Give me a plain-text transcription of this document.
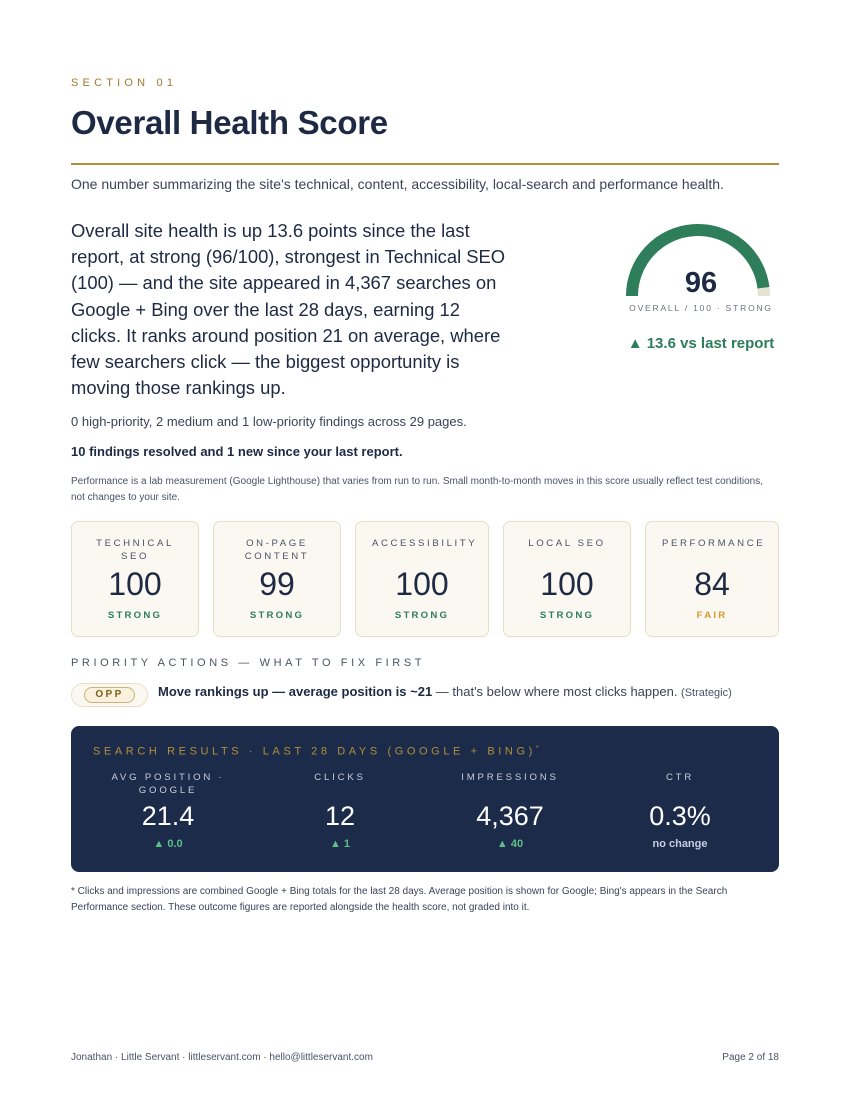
SECTION 01
Overall Health Score

One number summarizing the site's technical, content, accessibility, local-search and performance health.

Overall site health is up 13.6 points since the last report, at strong (96/100), strongest in Technical SEO (100) — and the site appeared in 4,367 searches on Google + Bing over the last 28 days, earning 12 clicks. It ranks around position 21 on average, where few searchers click — the biggest opportunity is moving those rankings up.

96
OVERALL / 100 · STRONG
▲ 13.6 vs last report

0 high-priority, 2 medium and 1 low-priority findings across 29 pages.

10 findings resolved and 1 new since your last report.

Performance is a lab measurement (Google Lighthouse) that varies from run to run. Small month-to-month moves in this score usually reflect test conditions, not changes to your site.

TECHNICAL SEO
100
STRONG
ON-PAGE CONTENT
99
STRONG
ACCESSIBILITY
100
STRONG
LOCAL SEO
100
STRONG
PERFORMANCE
84
FAIR
PRIORITY ACTIONS — WHAT TO FIX FIRST
OPP	Move rankings up — average position is ~21 — that's below where most clicks happen. (Strategic)
SEARCH RESULTS · LAST 28 DAYS (GOOGLE + BING)*
AVG POSITION · GOOGLE
21.4
▲ 0.0
CLICKS
12
▲ 1
IMPRESSIONS
4,367
▲ 40
CTR
0.3%
no change

* Clicks and impressions are combined Google + Bing totals for the last 28 days. Average position is shown for Google; Bing's appears in the Search Performance section. These outcome figures are reported alongside the health score, not graded into it.

Jonathan · Little Servant · littleservant.com · hello@littleservant.com	Page 2 of 18
